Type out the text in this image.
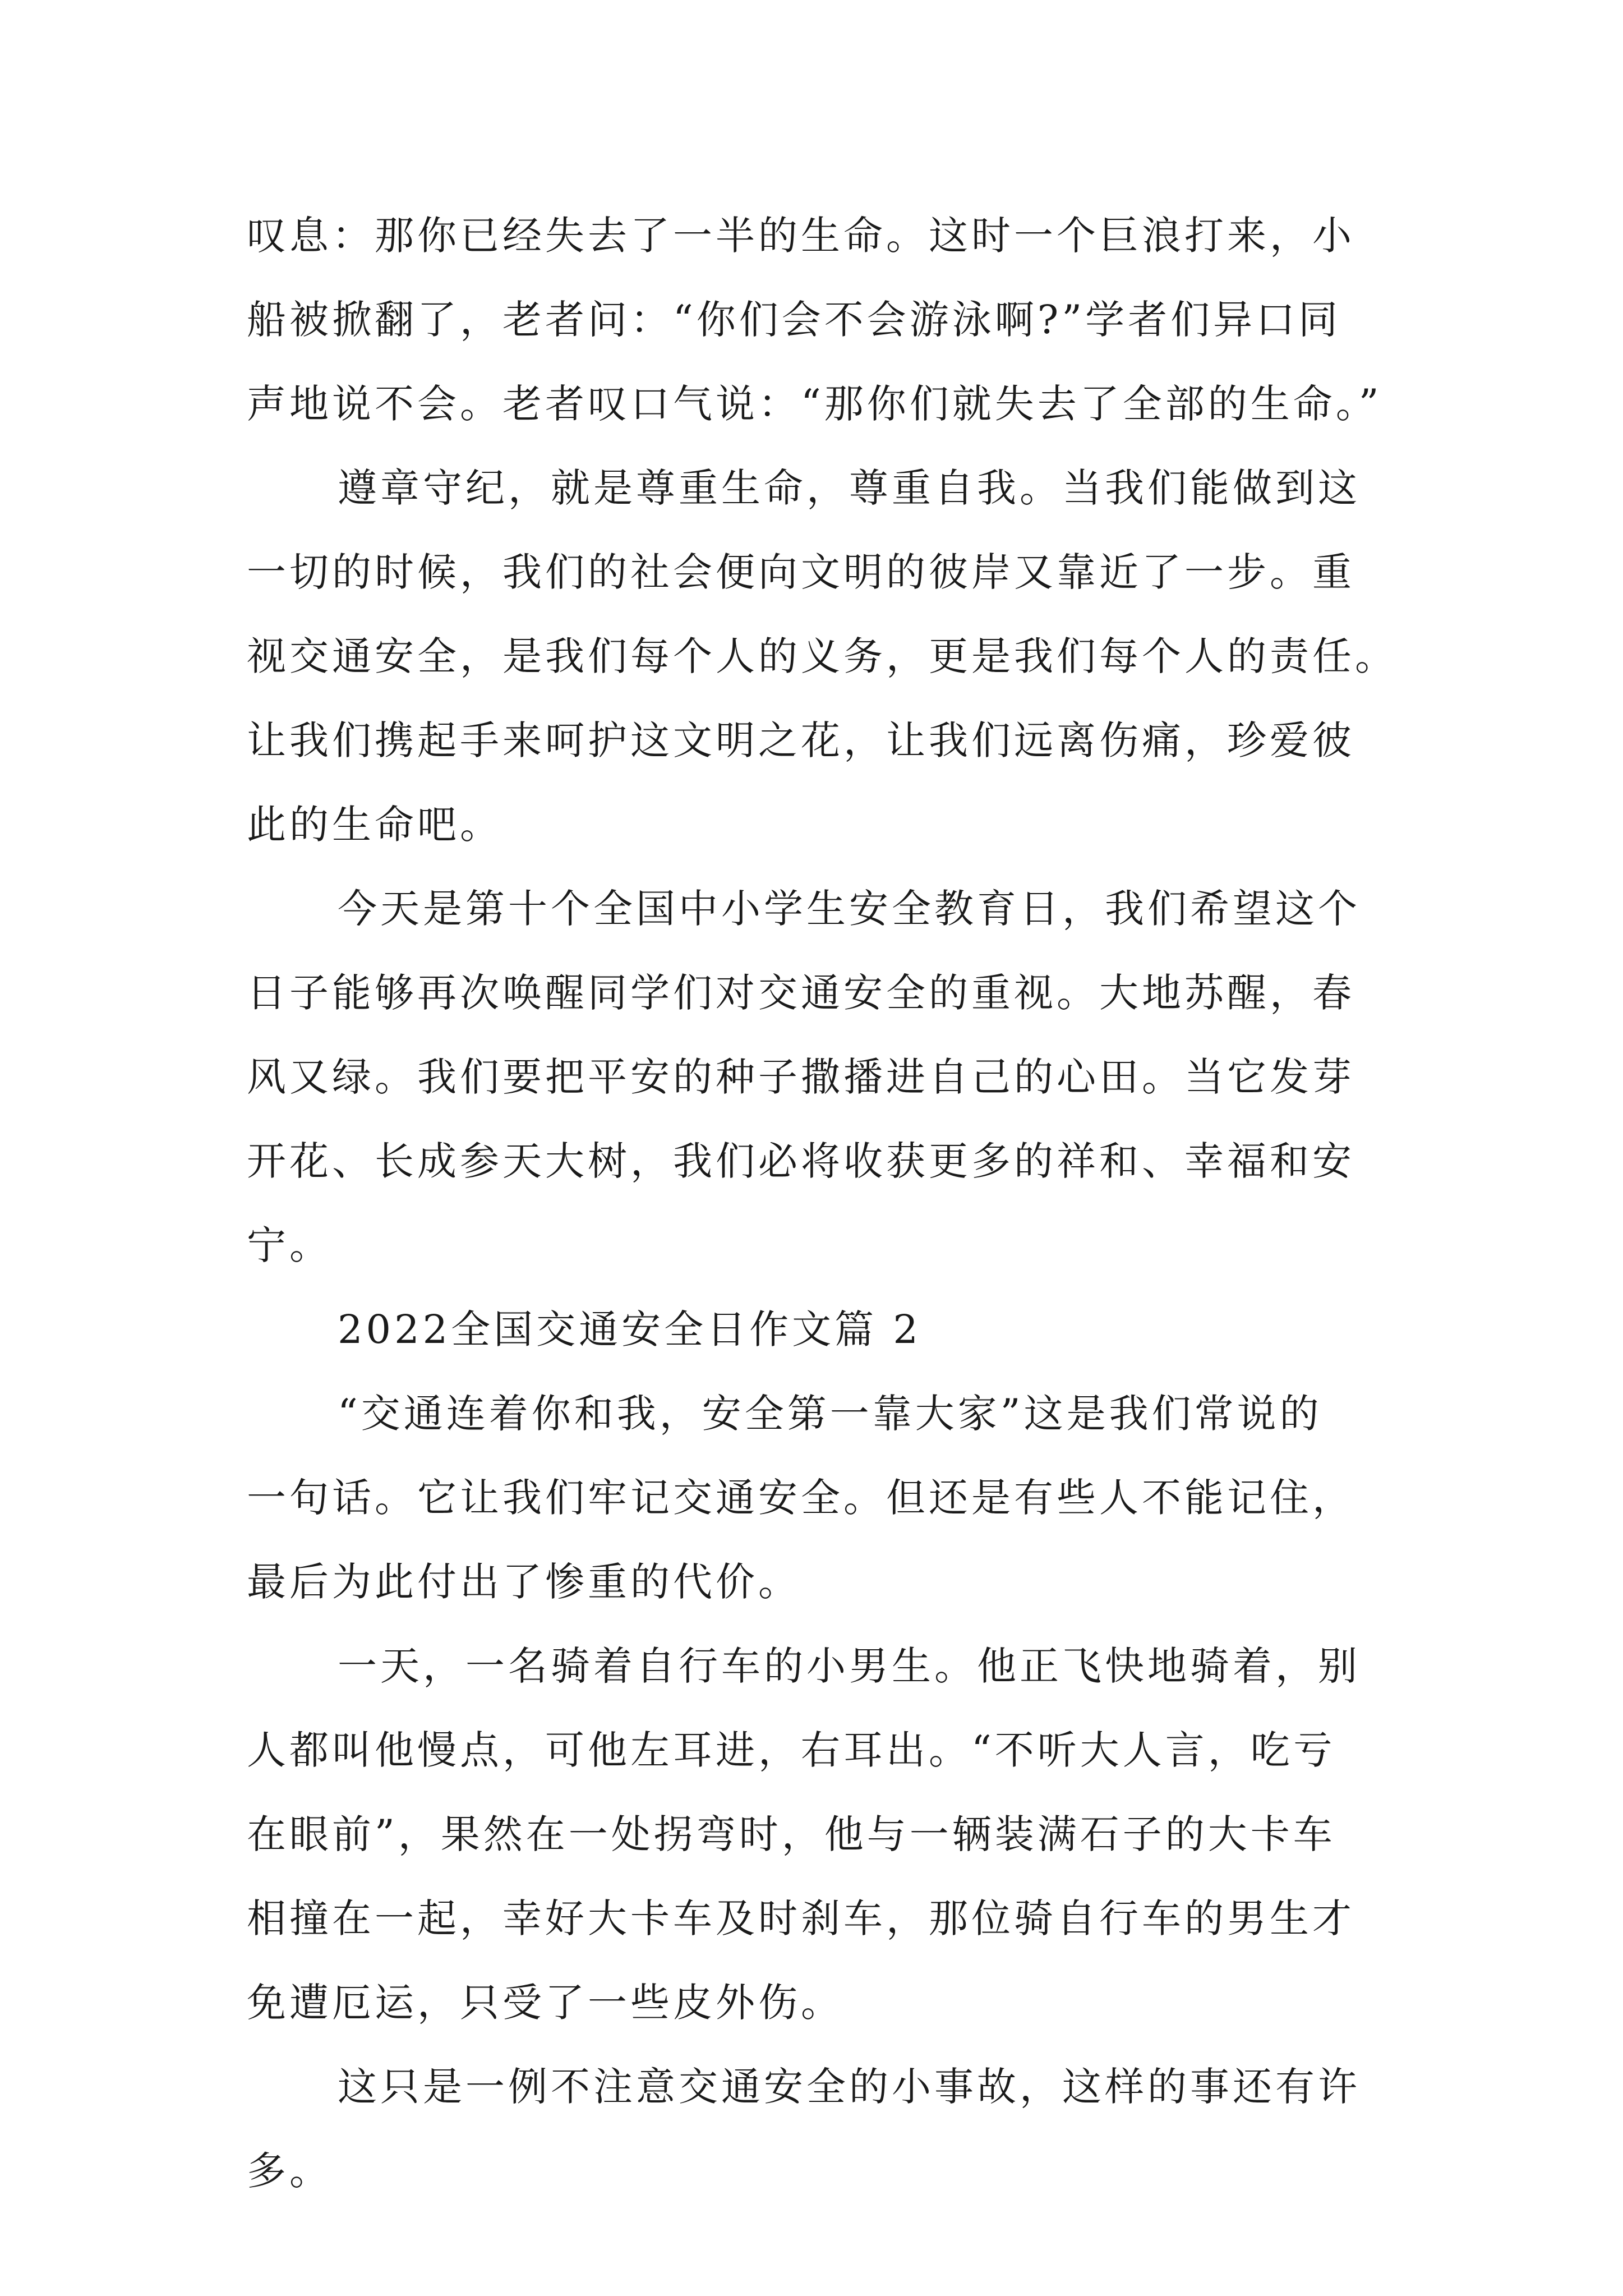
叹息：那你已经失去了一半的生命。这时一个巨浪打来，小
船被掀翻了，老者问：“你们会不会游泳啊?”学者们异口同
声地说不会。老者叹口气说：“那你们就失去了全部的生命。”
遵章守纪，就是尊重生命，尊重自我。当我们能做到这
一切的时候，我们的社会便向文明的彼岸又靠近了一步。重
视交通安全，是我们每个人的义务，更是我们每个人的责任。
让我们携起手来呵护这文明之花，让我们远离伤痛，珍爱彼
此的生命吧。
今天是第十个全国中小学生安全教育日，我们希望这个
日子能够再次唤醒同学们对交通安全的重视。大地苏醒，春
风又绿。我们要把平安的种子撒播进自己的心田。当它发芽
开花、长成参天大树，我们必将收获更多的祥和、幸福和安
宁。
2022全国交通安全日作文篇 2
“交通连着你和我，安全第一靠大家”这是我们常说的
一句话。它让我们牢记交通安全。但还是有些人不能记住，
最后为此付出了惨重的代价。
一天，一名骑着自行车的小男生。他正飞快地骑着，别
人都叫他慢点，可他左耳进，右耳出。“不听大人言，吃亏
在眼前”，果然在一处拐弯时，他与一辆装满石子的大卡车
相撞在一起，幸好大卡车及时刹车，那位骑自行车的男生才
免遭厄运，只受了一些皮外伤。
这只是一例不注意交通安全的小事故，这样的事还有许
多。
